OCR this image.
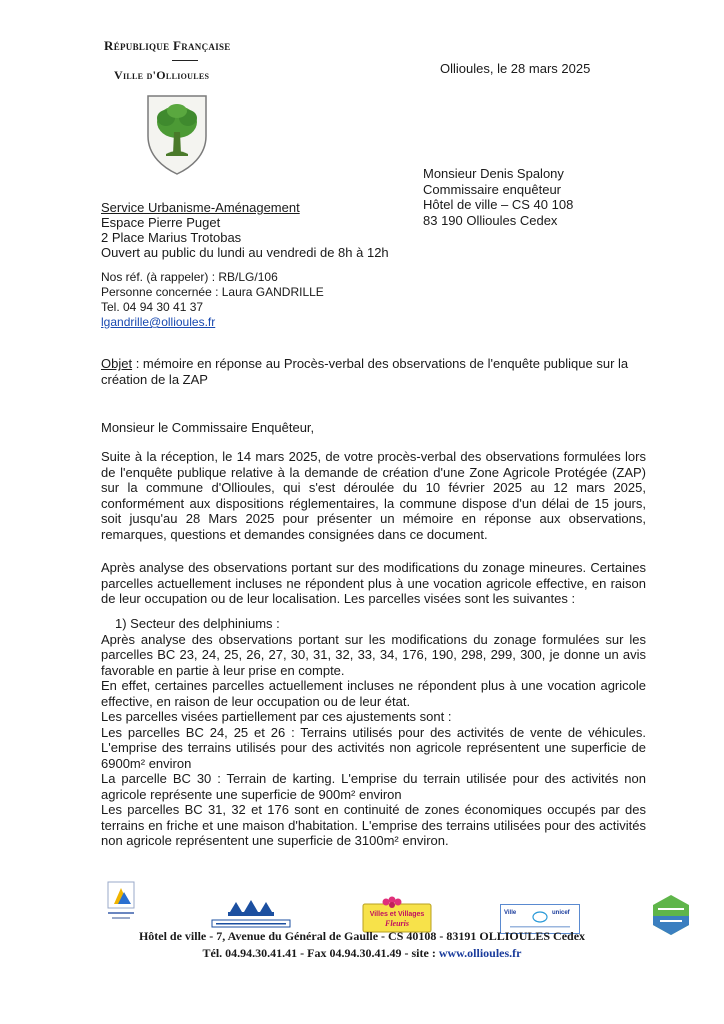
République Française
Ville d'Ollioules	Ollioules, le 28 mars 2025
Monsieur Denis Spalony
Commissaire enquêteur
Hôtel de ville – CS 40 108
83 190 Ollioules Cedex
Service Urbanisme-Aménagement
Espace Pierre Puget
2 Place Marius Trotobas
Ouvert au public du lundi au vendredi de 8h à 12h
Nos réf. (à rappeler) : RB/LG/106
Personne concernée : Laura GANDRILLE
Tel. 04 94 30 41 37
lgandrille@ollioules.fr
Objet : mémoire en réponse au Procès-verbal des observations de l'enquête publique sur la création de la ZAP
Monsieur le Commissaire Enquêteur,
Suite à la réception, le 14 mars 2025, de votre procès-verbal des observations formulées lors de l'enquête publique relative à la demande de création d'une Zone Agricole Protégée (ZAP) sur la commune d'Ollioules, qui s'est déroulée du 10 février 2025 au 12 mars 2025, conformément aux dispositions réglementaires, la commune dispose d'un délai de 15 jours, soit jusqu'au 28 Mars 2025 pour présenter un mémoire en réponse aux observations, remarques, questions et demandes consignées dans ce document.
Après analyse des observations portant sur des modifications du zonage mineures. Certaines parcelles actuellement incluses ne répondent plus à une vocation agricole effective, en raison de leur occupation ou de leur localisation. Les parcelles visées sont les suivantes :
1) Secteur des delphiniums :

Après analyse des observations portant sur les modifications du zonage formulées sur les parcelles BC 23, 24, 25, 26, 27, 30, 31, 32, 33, 34, 176, 190, 298, 299, 300, je donne un avis favorable en partie à leur prise en compte.

En effet, certaines parcelles actuellement incluses ne répondent plus à une vocation agricole effective, en raison de leur occupation ou de leur état.

Les parcelles visées partiellement par ces ajustements sont :

Les parcelles BC 24, 25 et 26 : Terrains utilisés pour des activités de vente de véhicules. L'emprise des terrains utilisés pour des activités non agricole représentent une superficie de 6900m² environ

La parcelle BC 30 : Terrain de karting. L'emprise du terrain utilisée pour des activités non agricole représente une superficie de 900m² environ

Les parcelles BC 31, 32 et 176 sont en continuité de zones économiques occupés par des terrains en friche et une maison d'habitation. L'emprise des terrains utilisées pour des activités non agricole représentent une superficie de 3100m² environ.

Villes et Villages
Fleuris
Ville	unicef
Hôtel de ville - 7, Avenue du Général de Gaulle - CS 40108 - 83191 OLLIOULES Cedex
Tél. 04.94.30.41.41 - Fax 04.94.30.41.49 - site : www.ollioules.fr
